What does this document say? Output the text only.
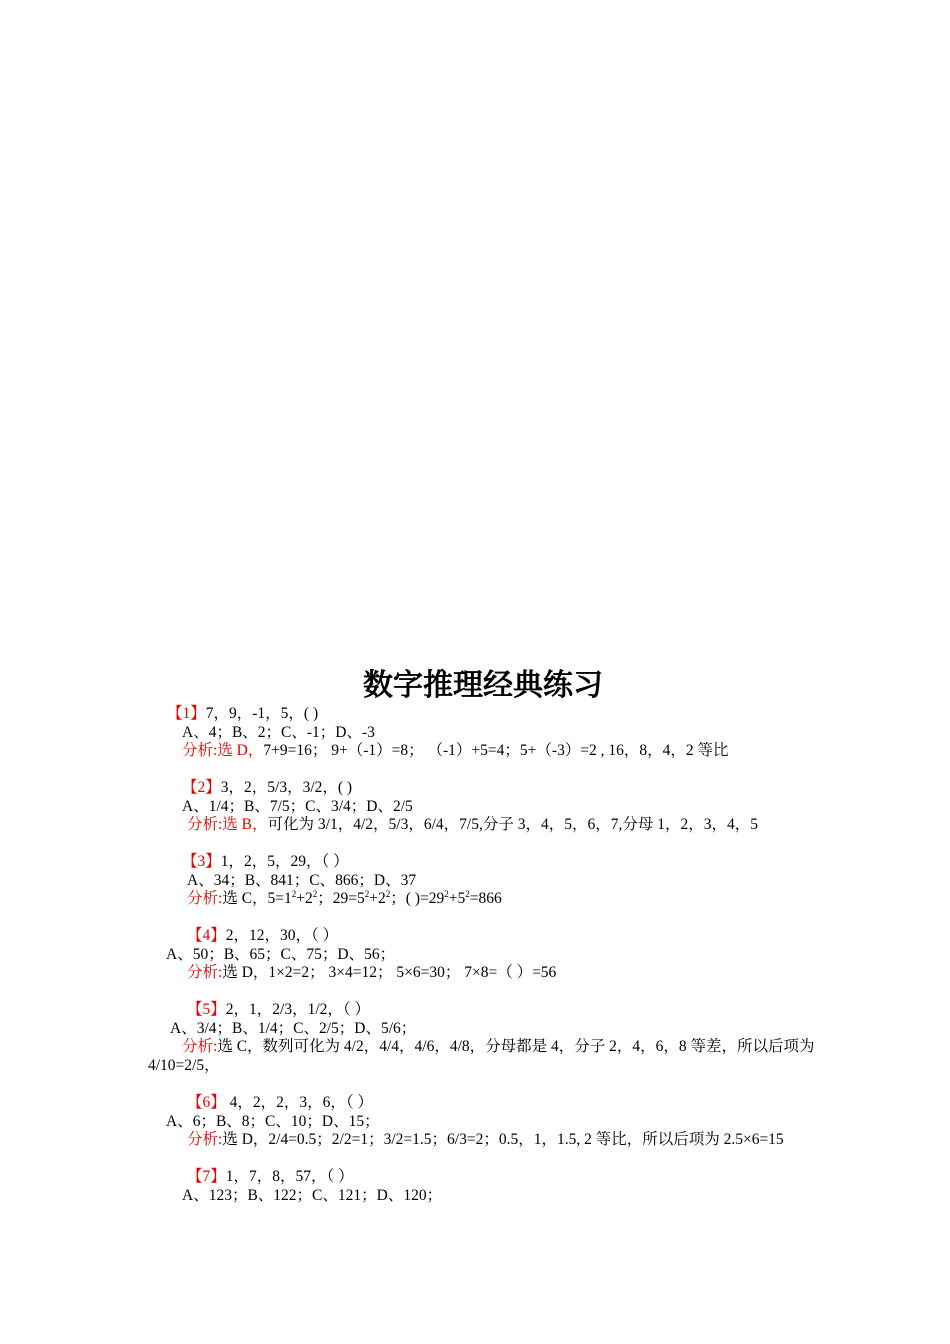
数字推理经典练习
【1】7，9，-1，5，( )
A、4；B、2；C、-1；D、-3
分析:选 D，7+9=16； 9+（-1）=8； （-1）+5=4；5+（-3）=2 , 16，8，4，2 等比
【2】3，2，5/3，3/2，( )
A、1/4；B、7/5；C、3/4；D、2/5
分析:选 B，可化为 3/1，4/2，5/3，6/4，7/5,分子 3，4，5，6，7,分母 1，2，3，4，5
【3】1，2，5，29，（ ）
A、34；B、841；C、866；D、37
分析:选 C，$5=1^2+2^2$；$29=5^2+2^2$；( )$=29^2+5^2=866$
【4】2，12，30，（ ）
A、50；B、65；C、75；D、56；
分析:选 D，1×2=2； 3×4=12； 5×6=30； 7×8=（ ）=56
【5】2，1，2/3，1/2，（ ）
A、3/4；B、1/4；C、2/5；D、5/6；
分析:选 C，数列可化为 4/2，4/4，4/6，4/8，分母都是 4，分子 2，4，6，8 等差，所以后项为
4/10=2/5，
【6】 4，2，2，3，6，（ ）
A、6；B、8；C、10；D、15；
分析:选 D，2/4=0.5；2/2=1；3/2=1.5；6/3=2；0.5，1，1.5, 2 等比，所以后项为 2.5×6=15
【7】1，7，8，57，（ ）
A、123；B、122；C、121；D、120；
